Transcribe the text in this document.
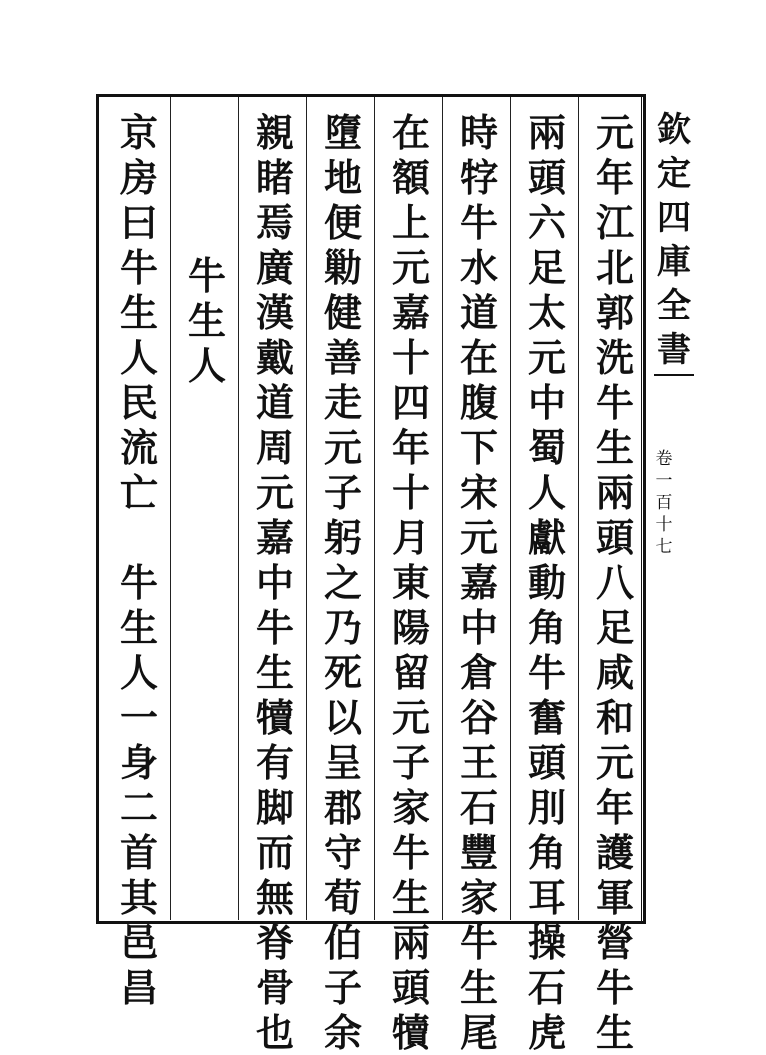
元
年
江
北
郭
洗
牛
生
兩
頭
八
足
咸
和
元
年
護
軍
營
牛
生
兩
頭
六
足
太
元
中
蜀
人
獻
動
角
牛
奮
頭
刖
角
耳
操
石
虎
時
牸
牛
水
道
在
腹
下
宋
元
嘉
中
倉
谷
王
石
豐
家
牛
生
尾
在
額
上
元
嘉
十
四
年
十
月
東
陽
留
元
子
家
牛
生
兩
頭
犢
墮
地
便
勦
健
善
走
元
子
躬
之
乃
死
以
呈
郡
守
荀
伯
子
余
親
睹
焉
廣
漢
戴
道
周
元
嘉
中
牛
生
犢
有
脚
而
無
脊
骨
也
京
房
曰
牛
生
人
民
流
亡
牛
生
人
一
身
二
首
其
邑
昌
欽
定
四
庫
全
書
卷
一
百
十
七
牛
生
人
